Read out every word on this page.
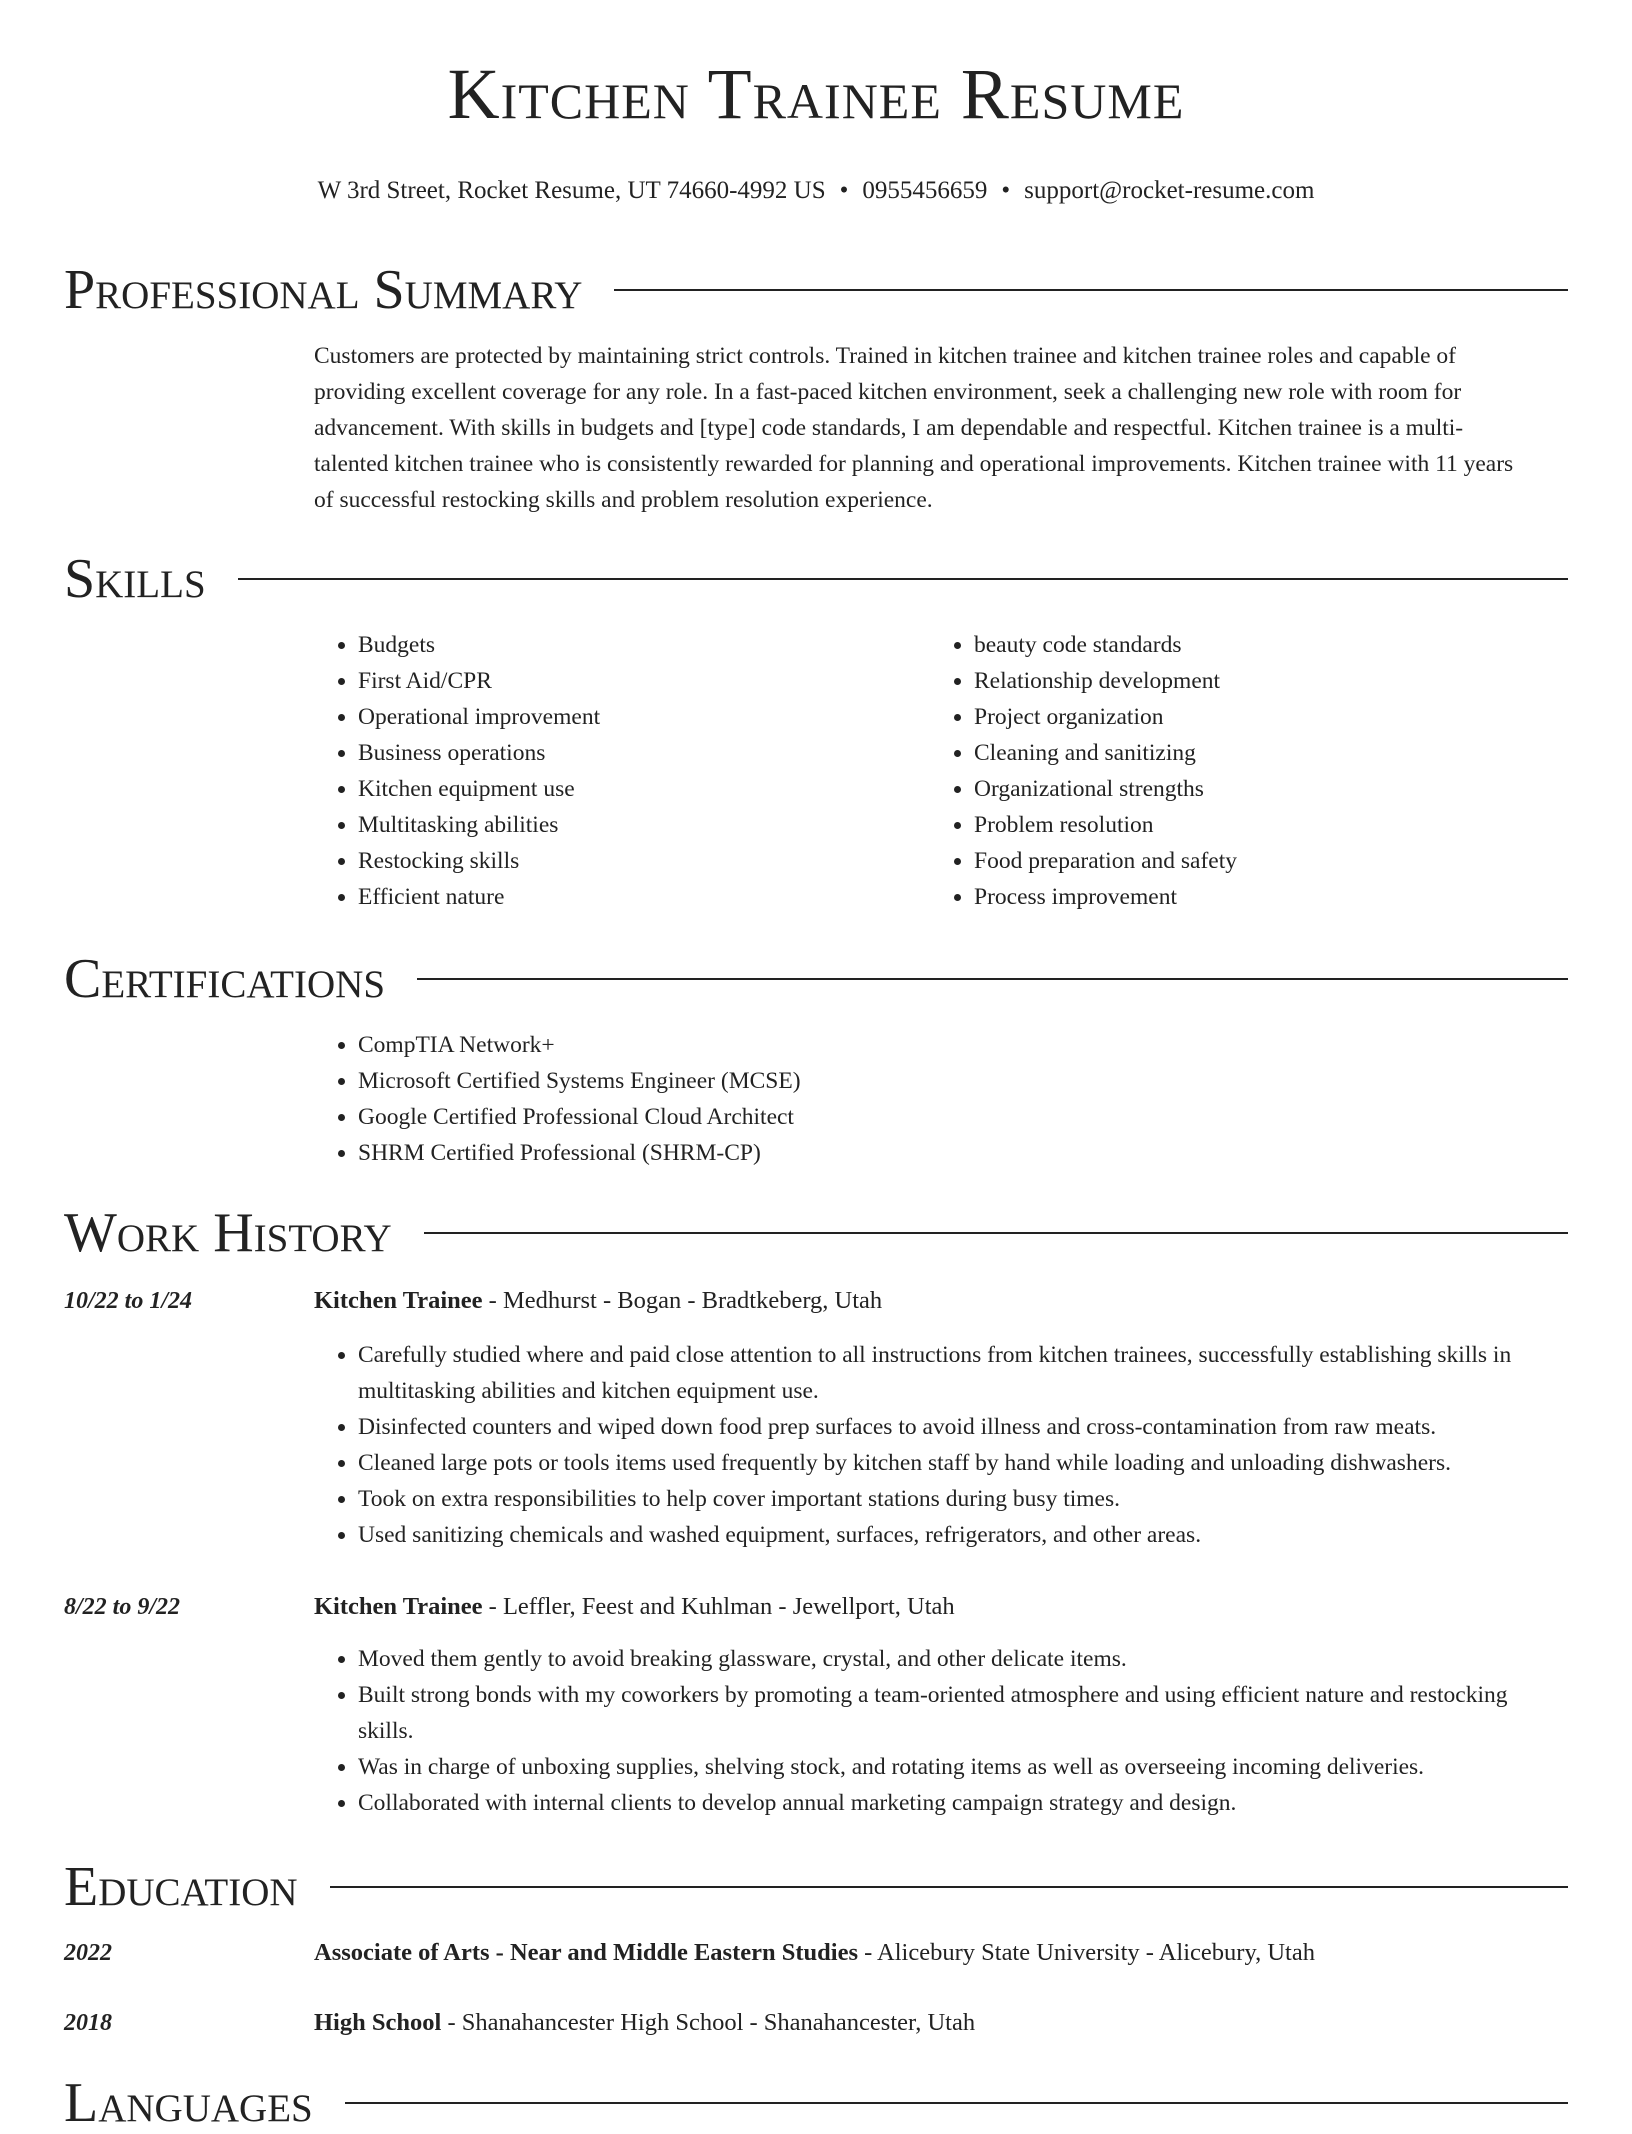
Kitchen Trainee Resume
W 3rd Street, Rocket Resume, UT 74660-4992 US • 0955456659 • support@rocket-resume.com
Professional Summary

Customers are protected by maintaining strict controls. Trained in kitchen trainee and kitchen trainee roles and capable of providing excellent coverage for any role. In a fast-paced kitchen environment, seek a challenging new role with room for advancement. With skills in budgets and [type] code standards, I am dependable and respectful. Kitchen trainee is a multi-talented kitchen trainee who is consistently rewarded for planning and operational improvements. Kitchen trainee with 11 years of successful restocking skills and problem resolution experience.

Skills
• Budgets
• First Aid/CPR
• Operational improvement
• Business operations
• Kitchen equipment use
• Multitasking abilities
• Restocking skills
• Efficient nature
• beauty code standards
• Relationship development
• Project organization
• Cleaning and sanitizing
• Organizational strengths
• Problem resolution
• Food preparation and safety
• Process improvement
Certifications
• CompTIA Network+
• Microsoft Certified Systems Engineer (MCSE)
• Google Certified Professional Cloud Architect
• SHRM Certified Professional (SHRM-CP)
Work History
10/22 to 1/24	Kitchen Trainee - Medhurst - Bogan - Bradtkeberg, Utah
• Carefully studied where and paid close attention to all instructions from kitchen trainees, successfully establishing skills in multitasking abilities and kitchen equipment use.
• Disinfected counters and wiped down food prep surfaces to avoid illness and cross-contamination from raw meats.
• Cleaned large pots or tools items used frequently by kitchen staff by hand while loading and unloading dishwashers.
• Took on extra responsibilities to help cover important stations during busy times.
• Used sanitizing chemicals and washed equipment, surfaces, refrigerators, and other areas.
8/22 to 9/22	Kitchen Trainee - Leffler, Feest and Kuhlman - Jewellport, Utah
• Moved them gently to avoid breaking glassware, crystal, and other delicate items.
• Built strong bonds with my coworkers by promoting a team-oriented atmosphere and using efficient nature and restocking skills.
• Was in charge of unboxing supplies, shelving stock, and rotating items as well as overseeing incoming deliveries.
• Collaborated with internal clients to develop annual marketing campaign strategy and design.
Education
2022	Associate of Arts - Near and Middle Eastern Studies - Alicebury State University - Alicebury, Utah
2018	High School - Shanahancester High School - Shanahancester, Utah
Languages
